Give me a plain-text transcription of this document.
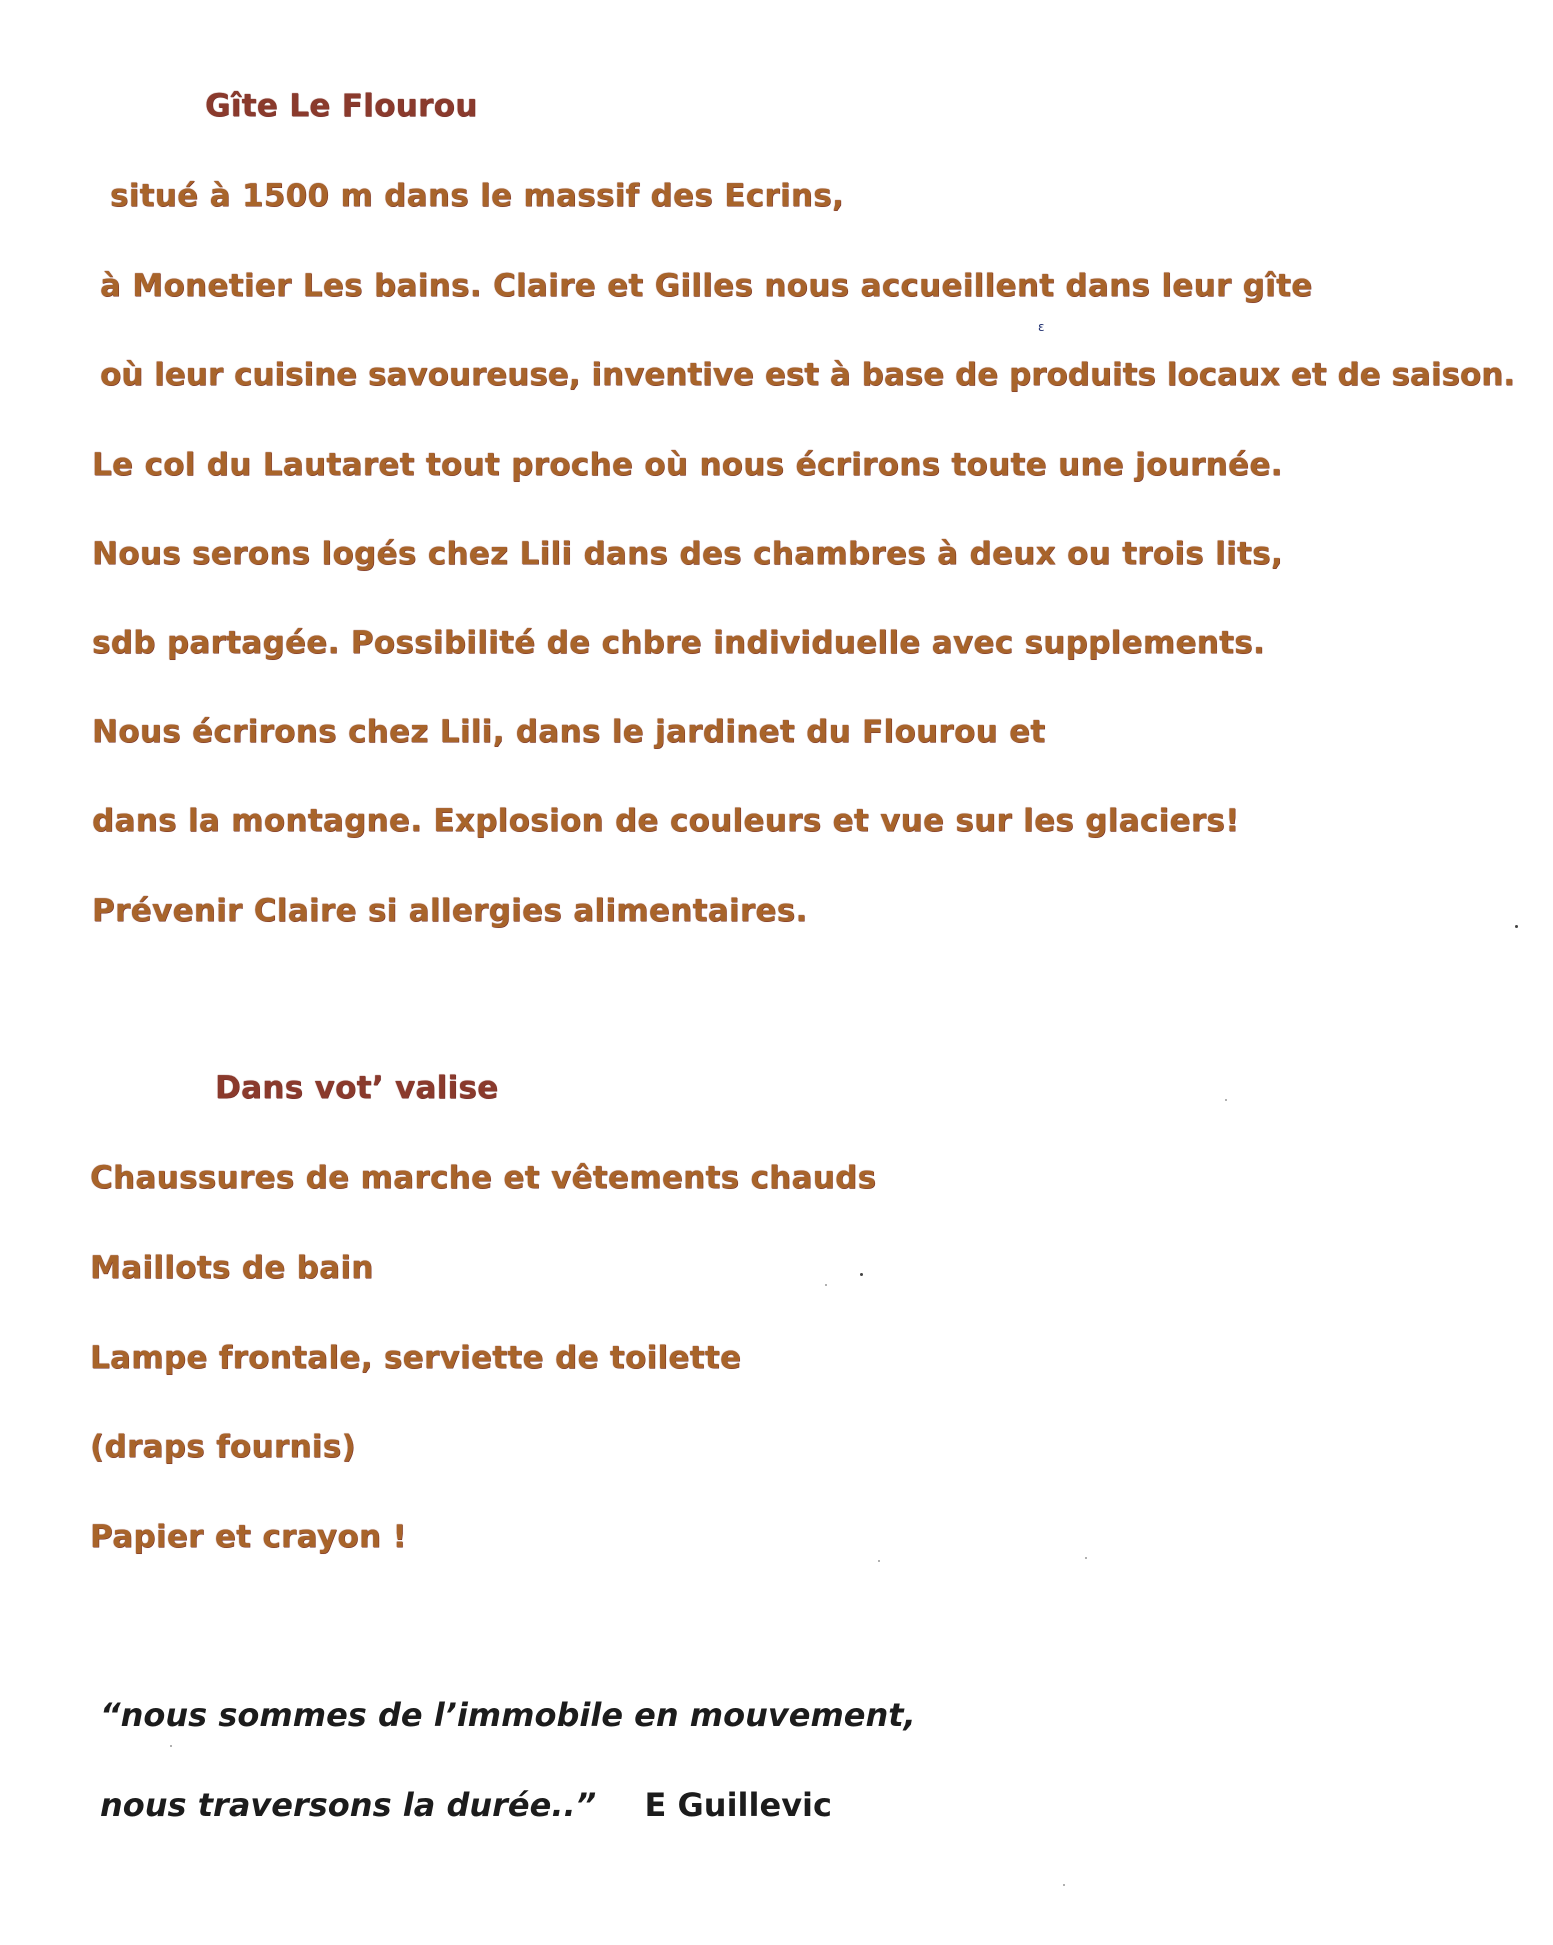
Gîte Le Flourou
situé à 1500 m dans le massif des Ecrins,
à Monetier Les bains. Claire et Gilles nous accueillent dans leur gîte
où leur cuisine savoureuse, inventive est à base de produits locaux et de saison.
Le col du Lautaret tout proche où nous écrirons toute une journée.
Nous serons logés chez Lili dans des chambres à deux ou trois lits,
sdb partagée. Possibilité de chbre individuelle avec supplements.
Nous écrirons chez Lili, dans le jardinet du Flourou et
dans la montagne. Explosion de couleurs et vue sur les glaciers!
Prévenir Claire si allergies alimentaires.
Dans vot’ valise
Chaussures de marche et vêtements chauds
Maillots de bain
Lampe frontale, serviette de toilette
(draps fournis)
Papier et crayon !
“nous sommes de l’immobile en mouvement,
nous traversons la durée..” E Guillevic
ɛ
